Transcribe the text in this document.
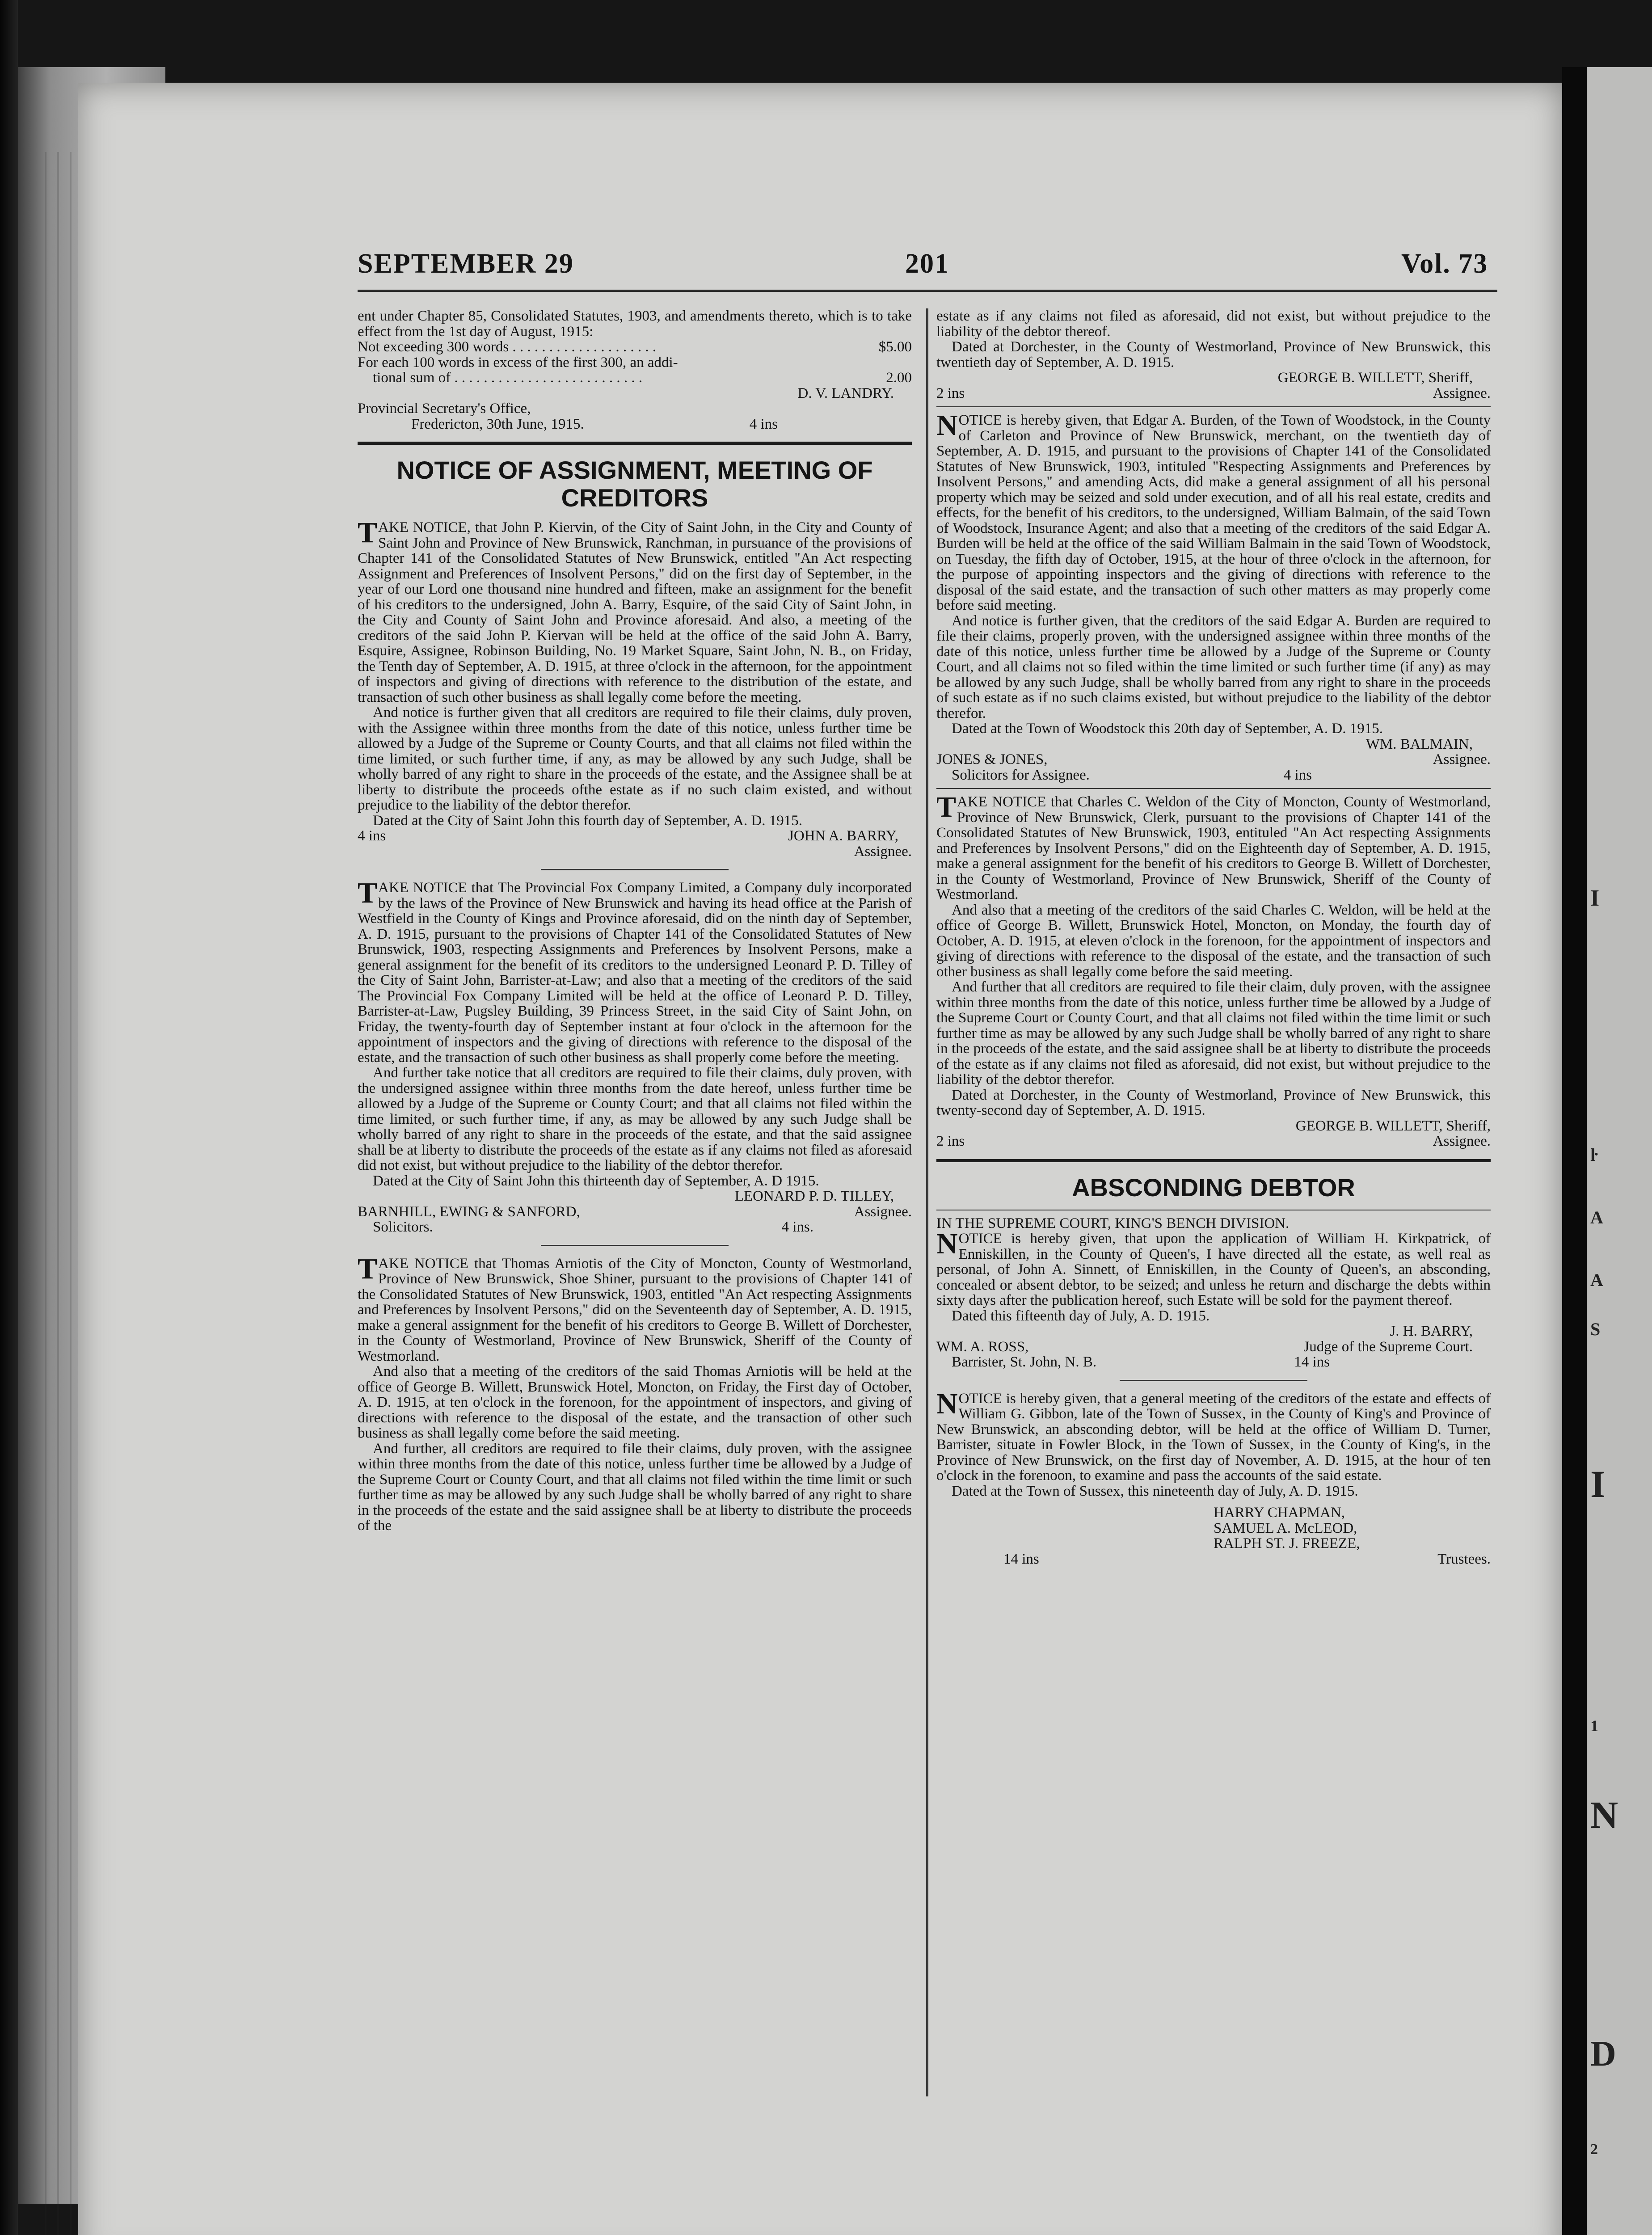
I
ŀ
A
A
S
I
1
N
D
2
SEPTEMBER 29	201	Vol. 73

ent under Chapter 85, Consolidated Statutes, 1903, and amendments thereto, which is to take effect from the 1st day of August, 1915:

Not exceeding 300 words . . . . . . . . . . . . . . . . . . . .	$5.00

For each 100 words in excess of the first 300, an addi-

tional sum of . . . . . . . . . . . . . . . . . . . . . . . . . .	2.00

D. V. LANDRY.

Provincial Secretary's Office,

Fredericton, 30th June, 1915.	4 ins
NOTICE OF ASSIGNMENT, MEETING OF CREDITORS

TAKE NOTICE, that John P. Kiervin, of the City of Saint John, in the City and County of Saint John and Province of New Brunswick, Ranchman, in pursuance of the provisions of Chapter 141 of the Consolidated Statutes of New Brunswick, entitled "An Act respecting Assignment and Preferences of Insolvent Persons," did on the first day of September, in the year of our Lord one thousand nine hundred and fifteen, make an assignment for the benefit of his creditors to the undersigned, John A. Barry, Esquire, of the said City of Saint John, in the City and County of Saint John and Province aforesaid. And also, a meeting of the creditors of the said John P. Kiervan will be held at the office of the said John A. Barry, Esquire, Assignee, Robinson Building, No. 19 Market Square, Saint John, N. B., on Friday, the Tenth day of September, A. D. 1915, at three o'clock in the afternoon, for the appointment of inspectors and giving of directions with reference to the distribution of the estate, and transaction of such other business as shall legally come before the meeting.

And notice is further given that all creditors are required to file their claims, duly proven, with the Assignee within three months from the date of this notice, unless further time be allowed by a Judge of the Supreme or County Courts, and that all claims not filed within the time limited, or such further time, if any, as may be allowed by any such Judge, shall be wholly barred of any right to share in the proceeds of the estate, and the Assignee shall be at liberty to distribute the proceeds ofthe estate as if no such claim existed, and without prejudice to the liability of the debtor therefor.

Dated at the City of Saint John this fourth day of September, A. D. 1915.

4 ins	JOHN A. BARRY,

Assignee.

TAKE NOTICE that The Provincial Fox Company Limited, a Company duly incorporated by the laws of the Province of New Brunswick and having its head office at the Parish of Westfield in the County of Kings and Province aforesaid, did on the ninth day of September, A. D. 1915, pursuant to the provisions of Chapter 141 of the Consolidated Statutes of New Brunswick, 1903, respecting Assignments and Preferences by Insolvent Persons, make a general assignment for the benefit of its creditors to the undersigned Leonard P. D. Tilley of the City of Saint John, Barrister-at-Law; and also that a meeting of the creditors of the said The Provincial Fox Company Limited will be held at the office of Leonard P. D. Tilley, Barrister-at-Law, Pugsley Building, 39 Princess Street, in the said City of Saint John, on Friday, the twenty-fourth day of September instant at four o'clock in the afternoon for the appointment of inspectors and the giving of directions with reference to the disposal of the estate, and the transaction of such other business as shall properly come before the meeting.

And further take notice that all creditors are required to file their claims, duly proven, with the undersigned assignee within three months from the date hereof, unless further time be allowed by a Judge of the Supreme or County Court; and that all claims not filed within the time limited, or such further time, if any, as may be allowed by any such Judge shall be wholly barred of any right to share in the proceeds of the estate, and that the said assignee shall be at liberty to distribute the proceeds of the estate as if any claims not filed as aforesaid did not exist, but without prejudice to the liability of the debtor therefor.

Dated at the City of Saint John this thirteenth day of September, A. D 1915.

LEONARD P. D. TILLEY,

BARNHILL, EWING & SANFORD,	Assignee.
Solicitors.	4 ins.

TAKE NOTICE that Thomas Arniotis of the City of Moncton, County of Westmorland, Province of New Brunswick, Shoe Shiner, pursuant to the provisions of Chapter 141 of the Consolidated Statutes of New Brunswick, 1903, entitled "An Act respecting Assignments and Preferences by Insolvent Persons," did on the Seventeenth day of September, A. D. 1915, make a general assignment for the benefit of his creditors to George B. Willett of Dorchester, in the County of Westmorland, Province of New Brunswick, Sheriff of the County of Westmorland.

And also that a meeting of the creditors of the said Thomas Arniotis will be held at the office of George B. Willett, Brunswick Hotel, Moncton, on Friday, the First day of October, A. D. 1915, at ten o'clock in the forenoon, for the appointment of inspectors, and giving of directions with reference to the disposal of the estate, and the transaction of other such business as shall legally come before the said meeting.

And further, all creditors are required to file their claims, duly proven, with the assignee within three months from the date of this notice, unless further time be allowed by a Judge of the Supreme Court or County Court, and that all claims not filed within the time limit or such further time as may be allowed by any such Judge shall be wholly barred of any right to share in the proceeds of the estate and the said assignee shall be at liberty to distribute the proceeds of the

estate as if any claims not filed as aforesaid, did not exist, but without prejudice to the liability of the debtor thereof.

Dated at Dorchester, in the County of Westmorland, Province of New Brunswick, this twentieth day of September, A. D. 1915.

GEORGE B. WILLETT, Sheriff,

2 ins	Assignee.

NOTICE is hereby given, that Edgar A. Burden, of the Town of Woodstock, in the County of Carleton and Province of New Brunswick, merchant, on the twentieth day of September, A. D. 1915, and pursuant to the provisions of Chapter 141 of the Consolidated Statutes of New Brunswick, 1903, intituled "Respecting Assignments and Preferences by Insolvent Persons," and amending Acts, did make a general assignment of all his personal property which may be seized and sold under execution, and of all his real estate, credits and effects, for the benefit of his creditors, to the undersigned, William Balmain, of the said Town of Woodstock, Insurance Agent; and also that a meeting of the creditors of the said Edgar A. Burden will be held at the office of the said William Balmain in the said Town of Woodstock, on Tuesday, the fifth day of October, 1915, at the hour of three o'clock in the afternoon, for the purpose of appointing inspectors and the giving of directions with reference to the disposal of the said estate, and the transaction of such other matters as may properly come before said meeting.

And notice is further given, that the creditors of the said Edgar A. Burden are required to file their claims, properly proven, with the undersigned assignee within three months of the date of this notice, unless further time be allowed by a Judge of the Supreme or County Court, and all claims not so filed within the time limited or such further time (if any) as may be allowed by any such Judge, shall be wholly barred from any right to share in the proceeds of such estate as if no such claims existed, but without prejudice to the liability of the debtor therefor.

Dated at the Town of Woodstock this 20th day of September, A. D. 1915.

WM. BALMAIN,

JONES & JONES,	Assignee.
Solicitors for Assignee.	4 ins

TAKE NOTICE that Charles C. Weldon of the City of Moncton, County of Westmorland, Province of New Brunswick, Clerk, pursuant to the provisions of Chapter 141 of the Consolidated Statutes of New Brunswick, 1903, entituled "An Act respecting Assignments and Preferences by Insolvent Persons," did on the Eighteenth day of September, A. D. 1915, make a general assignment for the benefit of his creditors to George B. Willett of Dorchester, in the County of Westmorland, Province of New Brunswick, Sheriff of the County of Westmorland.

And also that a meeting of the creditors of the said Charles C. Weldon, will be held at the office of George B. Willett, Brunswick Hotel, Moncton, on Monday, the fourth day of October, A. D. 1915, at eleven o'clock in the forenoon, for the appointment of inspectors and giving of directions with reference to the disposal of the estate, and the transaction of such other business as shall legally come before the said meeting.

And further that all creditors are required to file their claim, duly proven, with the assignee within three months from the date of this notice, unless further time be allowed by a Judge of the Supreme Court or County Court, and that all claims not filed within the time limit or such further time as may be allowed by any such Judge shall be wholly barred of any right to share in the proceeds of the estate, and the said assignee shall be at liberty to distribute the proceeds of the estate as if any claims not filed as aforesaid, did not exist, but without prejudice to the liability of the debtor therefor.

Dated at Dorchester, in the County of Westmorland, Province of New Brunswick, this twenty-second day of September, A. D. 1915.

GEORGE B. WILLETT, Sheriff,

2 ins	Assignee.
ABSCONDING DEBTOR

IN THE SUPREME COURT, KING'S BENCH DIVISION.

NOTICE is hereby given, that upon the application of William H. Kirkpatrick, of Enniskillen, in the County of Queen's, I have directed all the estate, as well real as personal, of John A. Sinnett, of Enniskillen, in the County of Queen's, an absconding, concealed or absent debtor, to be seized; and unless he return and discharge the debts within sixty days after the publication hereof, such Estate will be sold for the payment thereof.

Dated this fifteenth day of July, A. D. 1915.

J. H. BARRY,

WM. A. ROSS,	Judge of the Supreme Court.
Barrister, St. John, N. B.	14 ins

NOTICE is hereby given, that a general meeting of the creditors of the estate and effects of William G. Gibbon, late of the Town of Sussex, in the County of King's and Province of New Brunswick, an absconding debtor, will be held at the office of William D. Turner, Barrister, situate in Fowler Block, in the Town of Sussex, in the County of King's, in the Province of New Brunswick, on the first day of November, A. D. 1915, at the hour of ten o'clock in the forenoon, to examine and pass the accounts of the said estate.

Dated at the Town of Sussex, this nineteenth day of July, A. D. 1915.

HARRY CHAPMAN,

SAMUEL A. McLEOD,

RALPH ST. J. FREEZE,

14 ins	Trustees.
